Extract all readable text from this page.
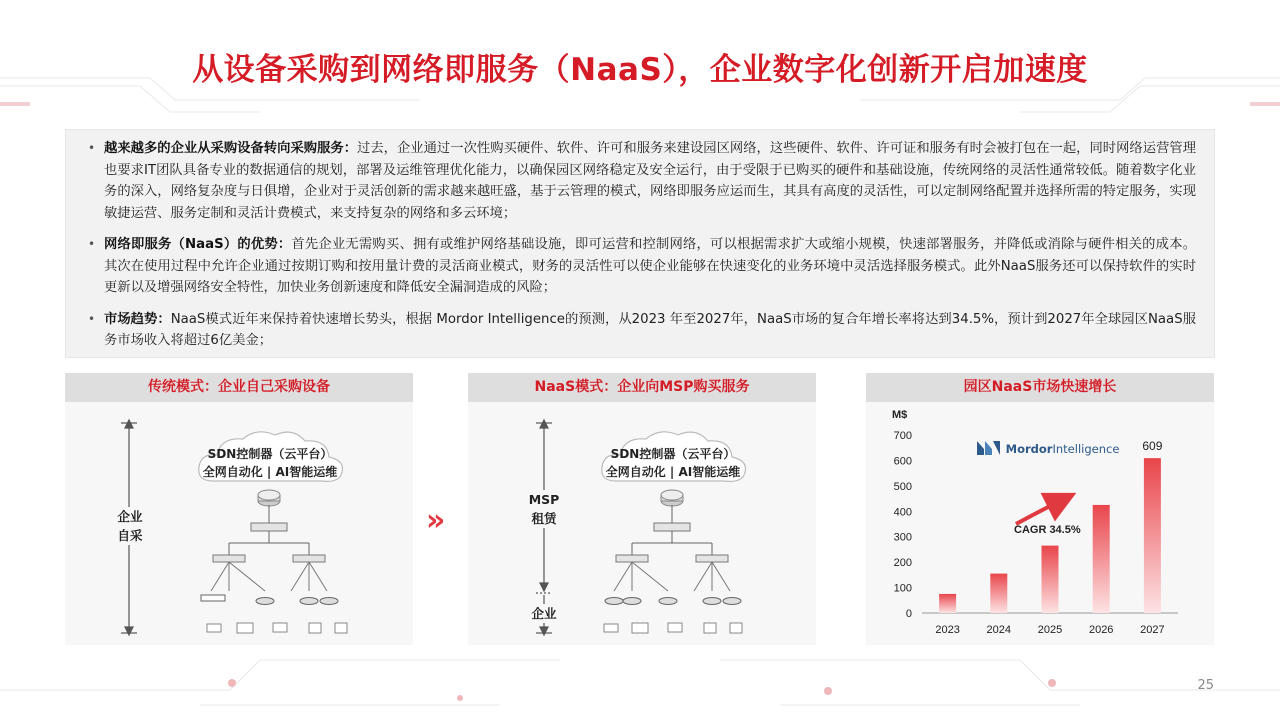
从设备采购到网络即服务（NaaS），企业数字化创新开启加速度
• 越来越多的企业从采购设备转向采购服务：过去，企业通过一次性购买硬件、软件、许可和服务来建设园区网络，这些硬件、软件、许可证和服务有时会被打包在一起，同时网络运营管理也要求IT团队具备专业的数据通信的规划，部署及运维管理优化能力，以确保园区网络稳定及安全运行，由于受限于已购买的硬件和基础设施，传统网络的灵活性通常较低。随着数字化业务的深入，网络复杂度与日俱增，企业对于灵活创新的需求越来越旺盛，基于云管理的模式，网络即服务应运而生，其具有高度的灵活性，可以定制网络配置并选择所需的特定服务，实现敏捷运营、服务定制和灵活计费模式，来支持复杂的网络和多云环境；
• 网络即服务（NaaS）的优势：首先企业无需购买、拥有或维护网络基础设施，即可运营和控制网络，可以根据需求扩大或缩小规模，快速部署服务，并降低或消除与硬件相关的成本。 其次在使用过程中允许企业通过按期订购和按用量计费的灵活商业模式，财务的灵活性可以使企业能够在快速变化的业务环境中灵活选择服务模式。此外NaaS服务还可以保持软件的实时更新以及增强网络安全特性，加快业务创新速度和降低安全漏洞造成的风险；
• 市场趋势：NaaS模式近年来保持着快速增长势头，根据 Mordor Intelligence的预测，从2023 年至2027年，NaaS市场的复合年增长率将达到34.5%，预计到2027年全球园区NaaS服务市场收入将超过6亿美金；
传统模式：企业自己采购设备
SDN控制器（云平台）
全网自动化 | AI智能运维
企业
自采	»
NaaS模式：企业向MSP购买服务
SDN控制器（云平台）
全网自动化 | AI智能运维
MSP
租赁
企业
园区NaaS市场快速增长
M$
0
100
200
300
400
500
600
700
2023 2024 2025 2026 2027
609
CAGR 34.5%
MordorIntelligence
25
